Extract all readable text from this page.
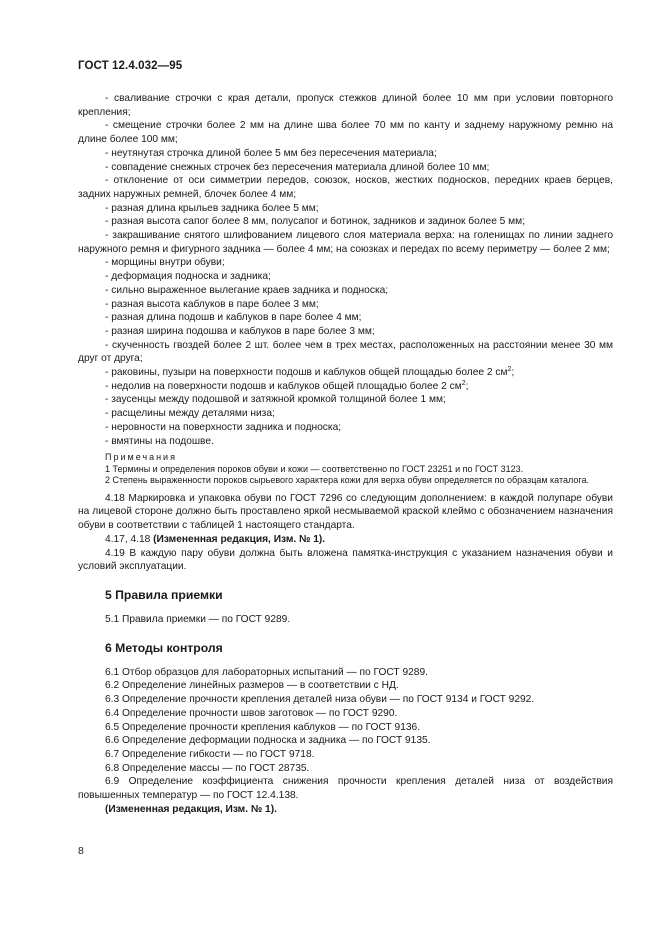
ГОСТ 12.4.032—95

- сваливание строчки с края детали, пропуск стежков длиной более 10 мм при условии повторного крепления;

- смещение строчки более 2 мм на длине шва более 70 мм по канту и заднему наружному ремню на длине более 100 мм;

- неутянутая строчка длиной более 5 мм без пересечения материала;

- совпадение снежных строчек без пересечения материала длиной более 10 мм;

- отклонение от оси симметрии передов, союзок, носков, жестких подносков, передних краев берцев, задних наружных ремней, блочек более 4 мм;

- разная длина крыльев задника более 5 мм;

- разная высота сапог более 8 мм, полусапог и ботинок, задников и задинок более 5 мм;

- закрашивание снятого шлифованием лицевого слоя материала верха: на голенищах по линии заднего наружного ремня и фигурного задника — более 4 мм; на союзках и передах по всему периметру — более 2 мм;

- морщины внутри обуви;

- деформация подноска и задника;

- сильно выраженное вылегание краев задника и подноска;

- разная высота каблуков в паре более 3 мм;

- разная длина подошв и каблуков в паре более 4 мм;

- разная ширина подошва и каблуков в паре более 3 мм;

- скученность гвоздей более 2 шт. более чем в трех местах, расположенных на расстоянии менее 30 мм друг от друга;

- раковины, пузыри на поверхности подошв и каблуков общей площадью более 2 $см^2$;

- недолив на поверхности подошв и каблуков общей площадью более 2 $см^2$;

- заусенцы между подошвой и затяжной кромкой толщиной более 1 мм;

- расщелины между деталями низа;

- неровности на поверхности задника и подноска;

- вмятины на подошве.

Примечания

1 Термины и определения пороков обуви и кожи — соответственно по ГОСТ 23251 и по ГОСТ 3123.

2 Степень выраженности пороков сырьевого характера кожи для верха обуви определяется по образцам каталога.

4.18 Маркировка и упаковка обуви по ГОСТ 7296 со следующим дополнением: в каждой полупаре обуви на лицевой стороне должно быть проставлено яркой несмываемой краской клеймо с обозначением назначения обуви в соответствии с таблицей 1 настоящего стандарта.

4.17, 4.18 (Измененная редакция, Изм. № 1).

4.19 В каждую пару обуви должна быть вложена памятка-инструкция с указанием назначения обуви и условий эксплуатации.

5 Правила приемки

5.1 Правила приемки — по ГОСТ 9289.

6 Методы контроля

6.1 Отбор образцов для лабораторных испытаний — по ГОСТ 9289.

6.2 Определение линейных размеров — в соответствии с НД.

6.3 Определение прочности крепления деталей низа обуви — по ГОСТ 9134 и ГОСТ 9292.

6.4 Определение прочности швов заготовок — по ГОСТ 9290.

6.5 Определение прочности крепления каблуков — по ГОСТ 9136.

6.6 Определение деформации подноска и задника — по ГОСТ 9135.

6.7 Определение гибкости — по ГОСТ 9718.

6.8 Определение массы — по ГОСТ 28735.

6.9 Определение коэффициента снижения прочности крепления деталей низа от воздействия повышенных температур — по ГОСТ 12.4.138.

(Измененная редакция, Изм. № 1).

8
